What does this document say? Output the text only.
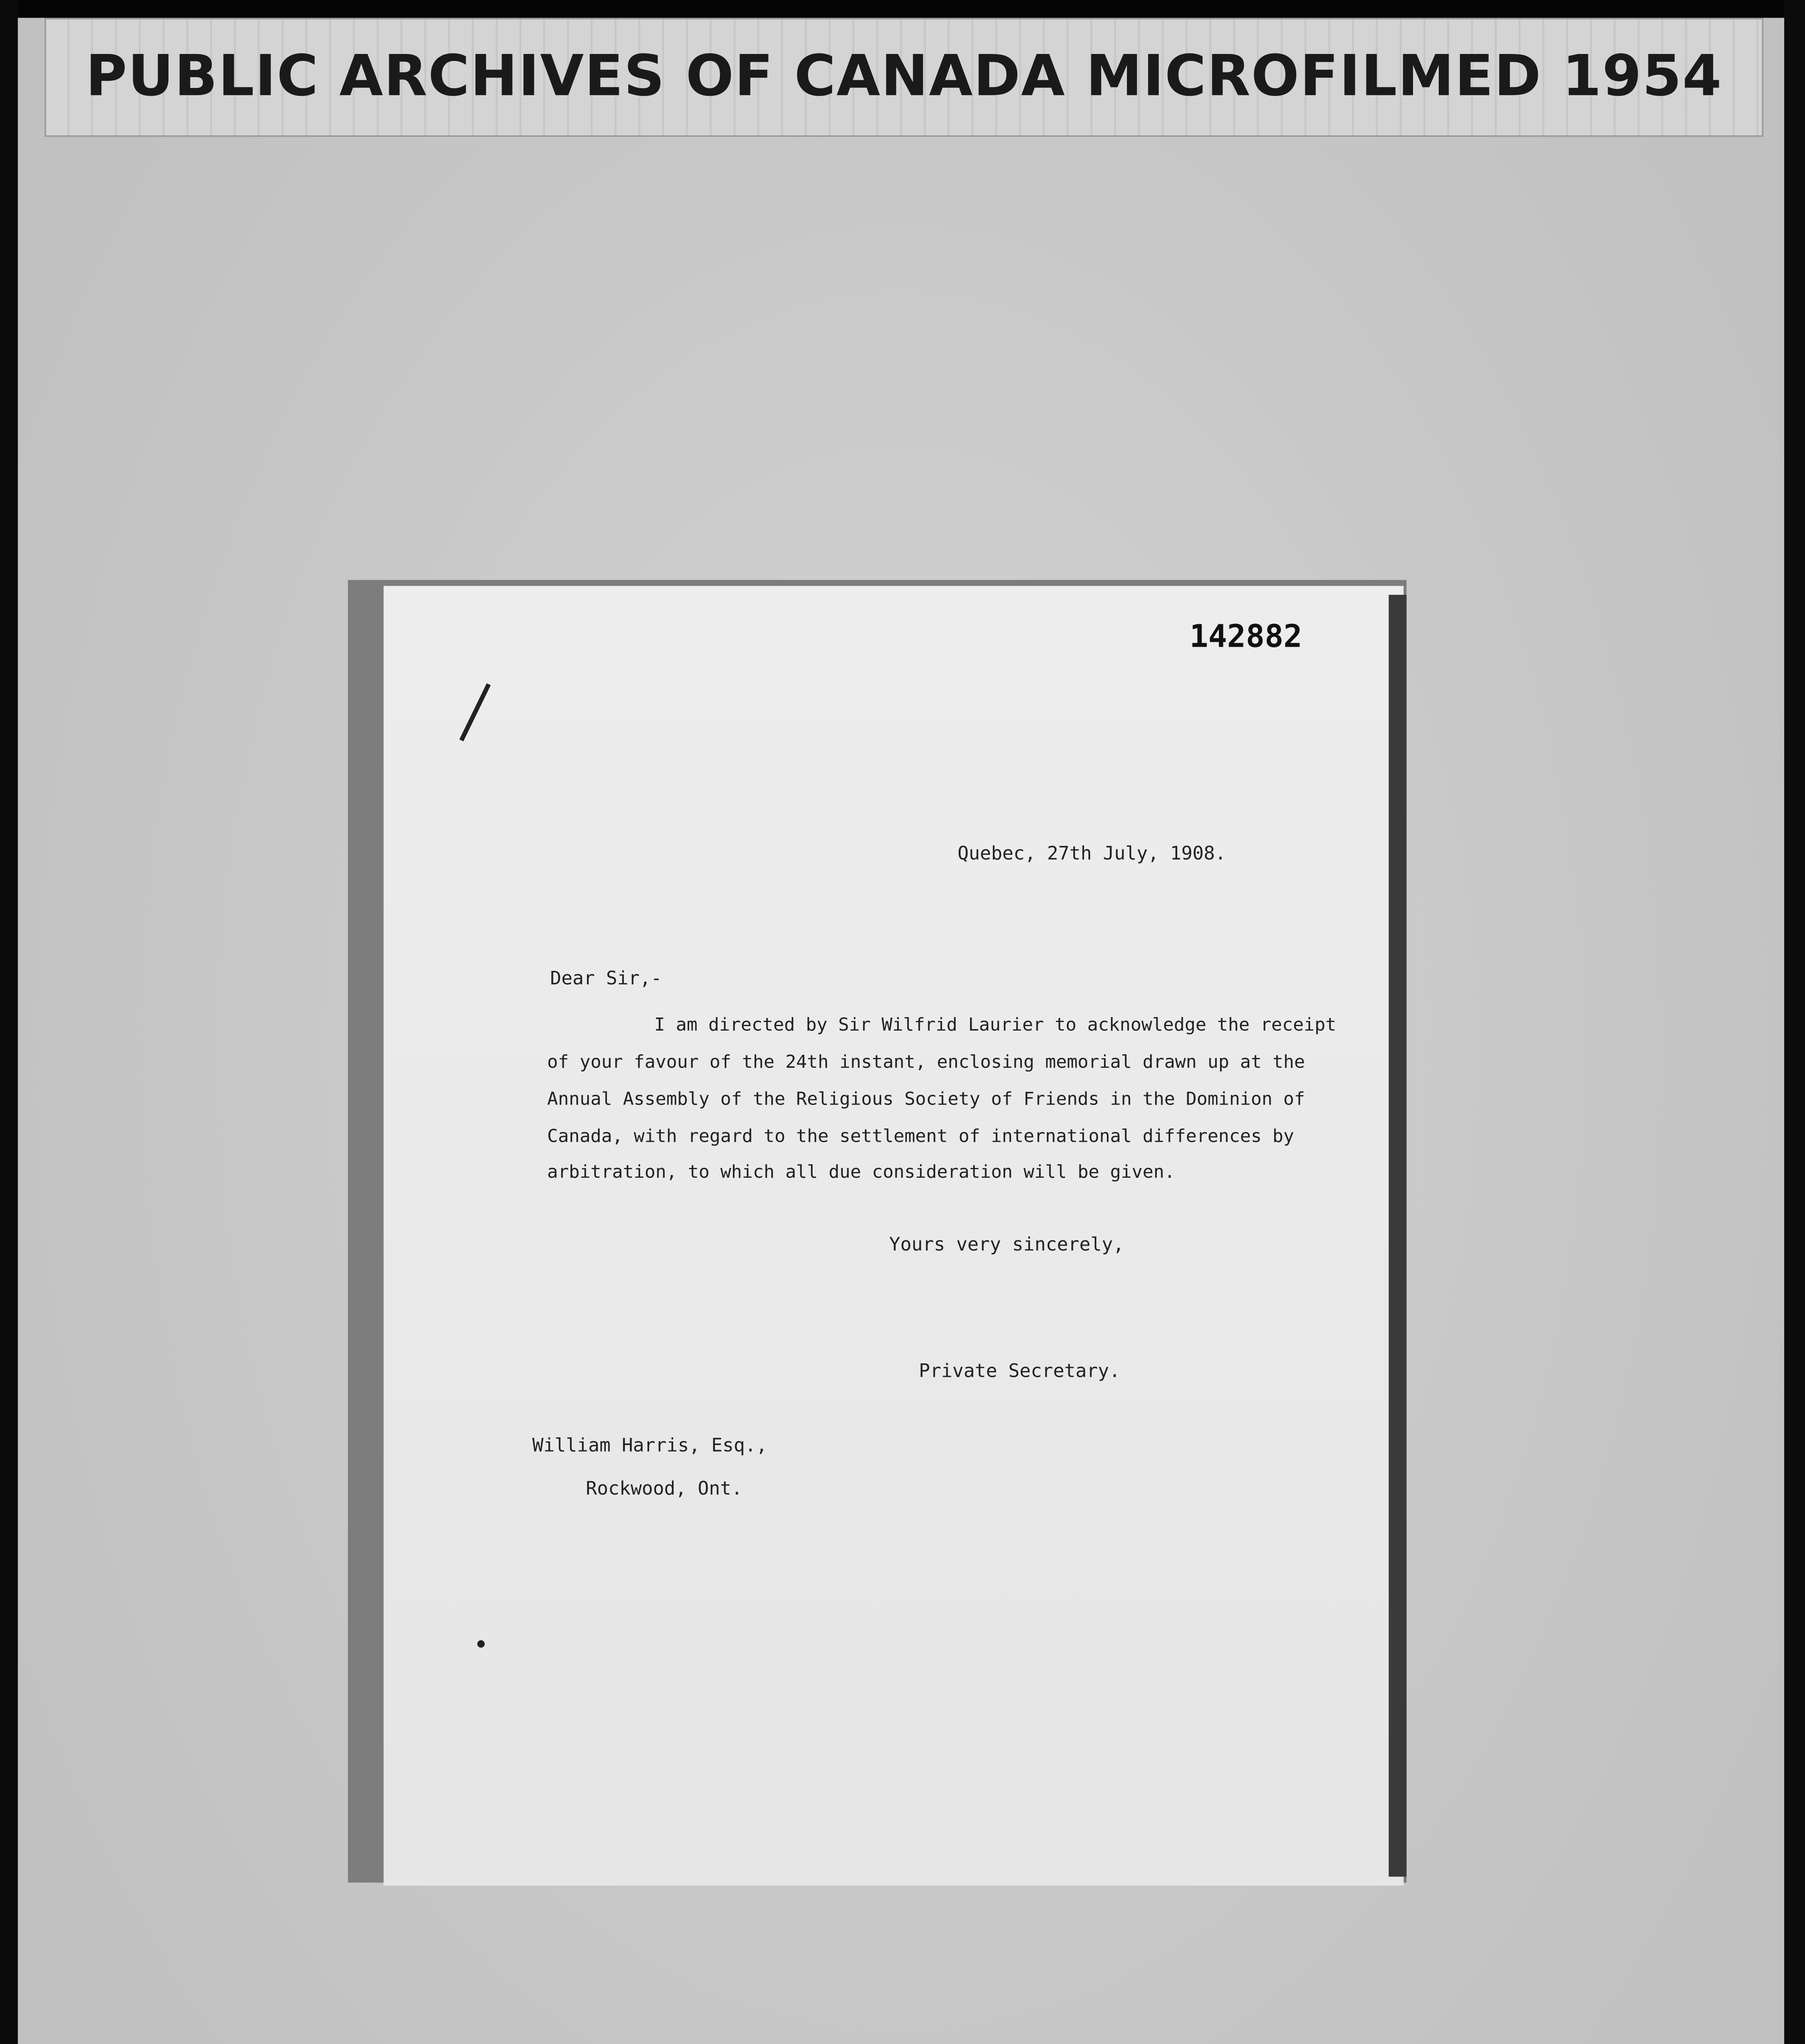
PUBLIC ARCHIVES OF CANADA MICROFILMED 1954
142882
Quebec, 27th July, 1908.
Dear Sir,-
I am directed by Sir Wilfrid Laurier to acknowledge the receipt
of your favour of the 24th instant, enclosing memorial drawn up at the
Annual Assembly of the Religious Society of Friends in the Dominion of
Canada, with regard to the settlement of international differences by
arbitration, to which all due consideration will be given.
Yours very sincerely,
Private Secretary.
William Harris, Esq.,
Rockwood, Ont.
